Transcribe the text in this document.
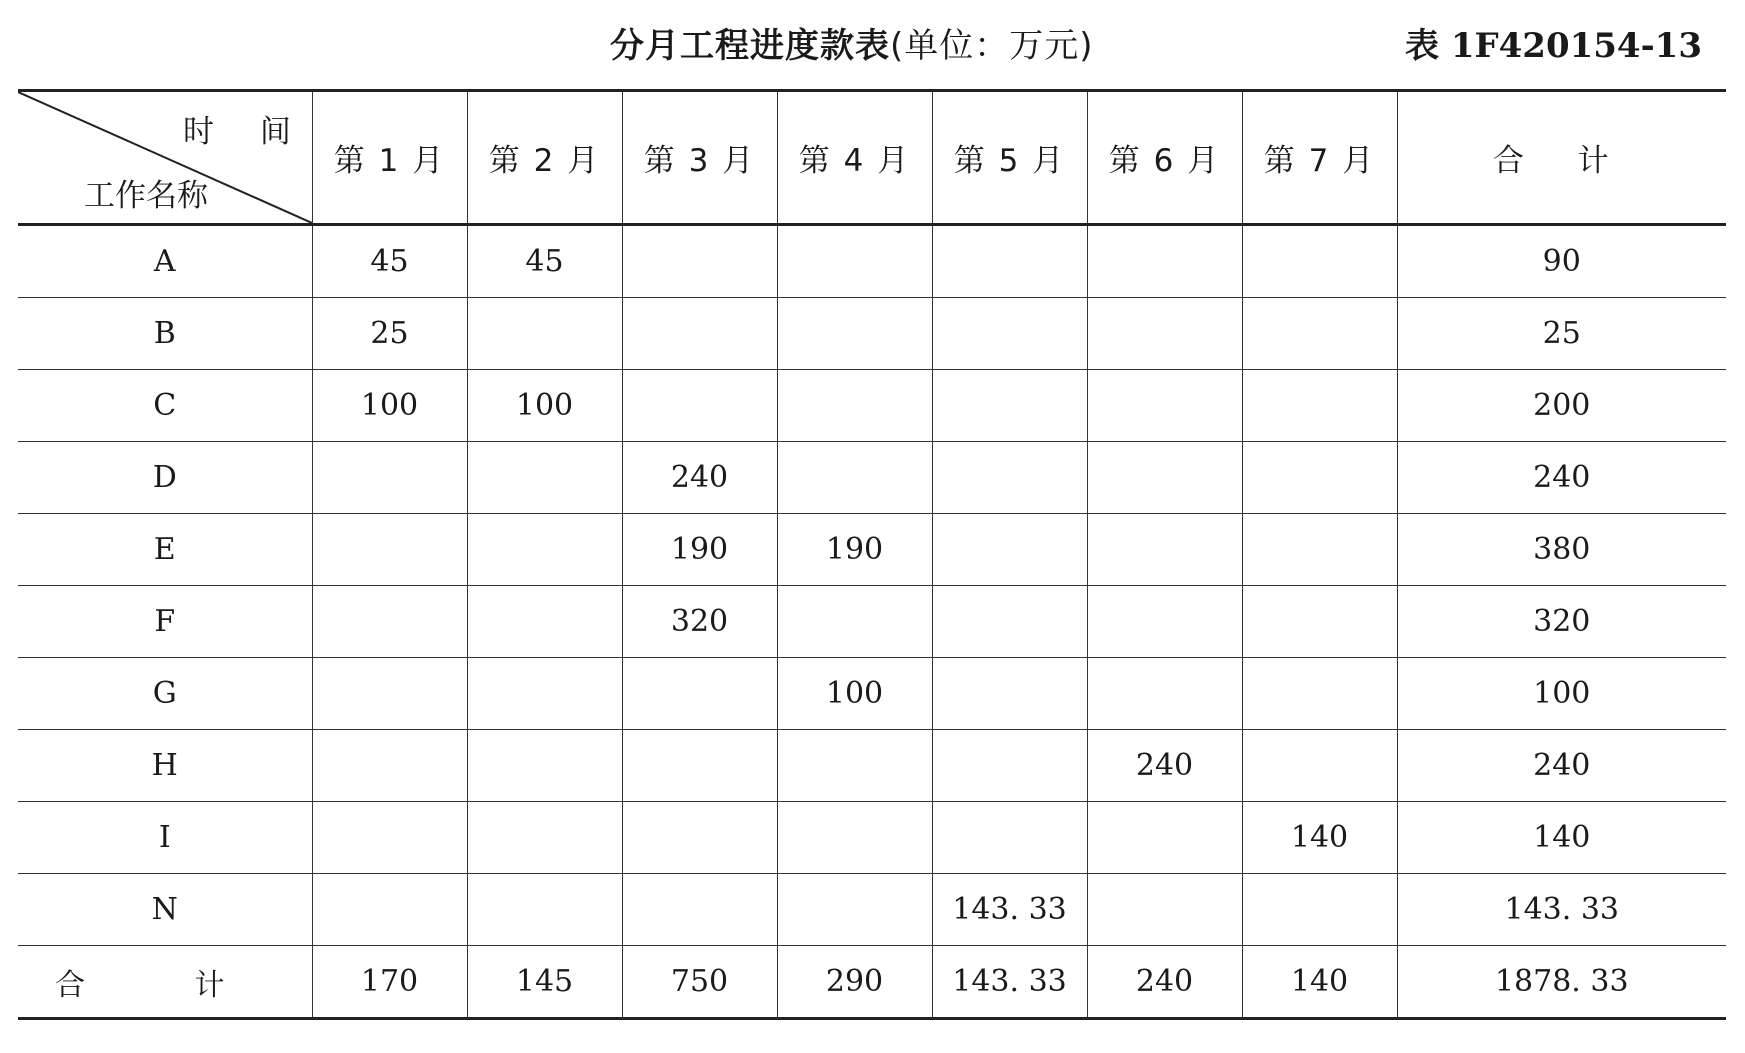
分月工程进度款表(单位：万元)	表 1F420154-13
时 间
工作名称	第 1 月	第 2 月	第 3 月	第 4 月	第 5 月	第 6 月	第 7 月	合 计
A	45	45						90
B	25							25
C	100	100						200
D			240					240
E			190	190				380
F			320					320
G				100				100
H						240		240
I							140	140
N					143. 33			143. 33
合 计	170	145	750	290	143. 33	240	140	1878. 33
